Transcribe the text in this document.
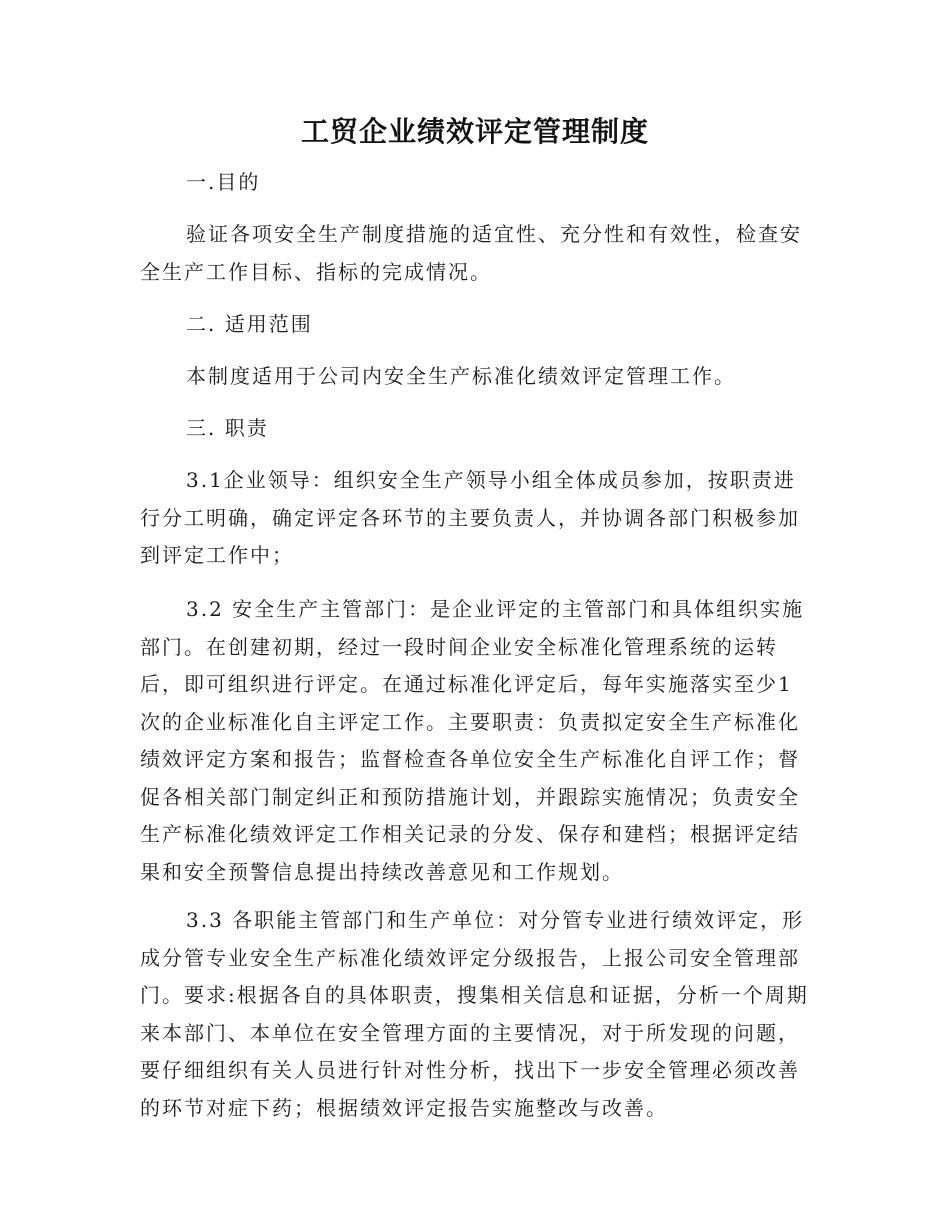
工贸企业绩效评定管理制度

一.目的

验证各项安全生产制度措施的适宜性、充分性和有效性，检查安全生产工作目标、指标的完成情况。

二. 适用范围

本制度适用于公司内安全生产标准化绩效评定管理工作。

三. 职责

3.1企业领导：组织安全生产领导小组全体成员参加，按职责进行分工明确，确定评定各环节的主要负责人，并协调各部门积极参加到评定工作中；

3.2 安全生产主管部门：是企业评定的主管部门和具体组织实施部门。在创建初期，经过一段时间企业安全标准化管理系统的运转后，即可组织进行评定。在通过标准化评定后，每年实施落实至少1次的企业标准化自主评定工作。主要职责：负责拟定安全生产标准化绩效评定方案和报告；监督检查各单位安全生产标准化自评工作；督促各相关部门制定纠正和预防措施计划，并跟踪实施情况；负责安全生产标准化绩效评定工作相关记录的分发、保存和建档；根据评定结果和安全预警信息提出持续改善意见和工作规划。

3.3 各职能主管部门和生产单位：对分管专业进行绩效评定，形成分管专业安全生产标准化绩效评定分级报告，上报公司安全管理部门。要求:根据各自的具体职责，搜集相关信息和证据，分析一个周期来本部门、本单位在安全管理方面的主要情况，对于所发现的问题，要仔细组织有关人员进行针对性分析，找出下一步安全管理必须改善的环节对症下药；根据绩效评定报告实施整改与改善。
